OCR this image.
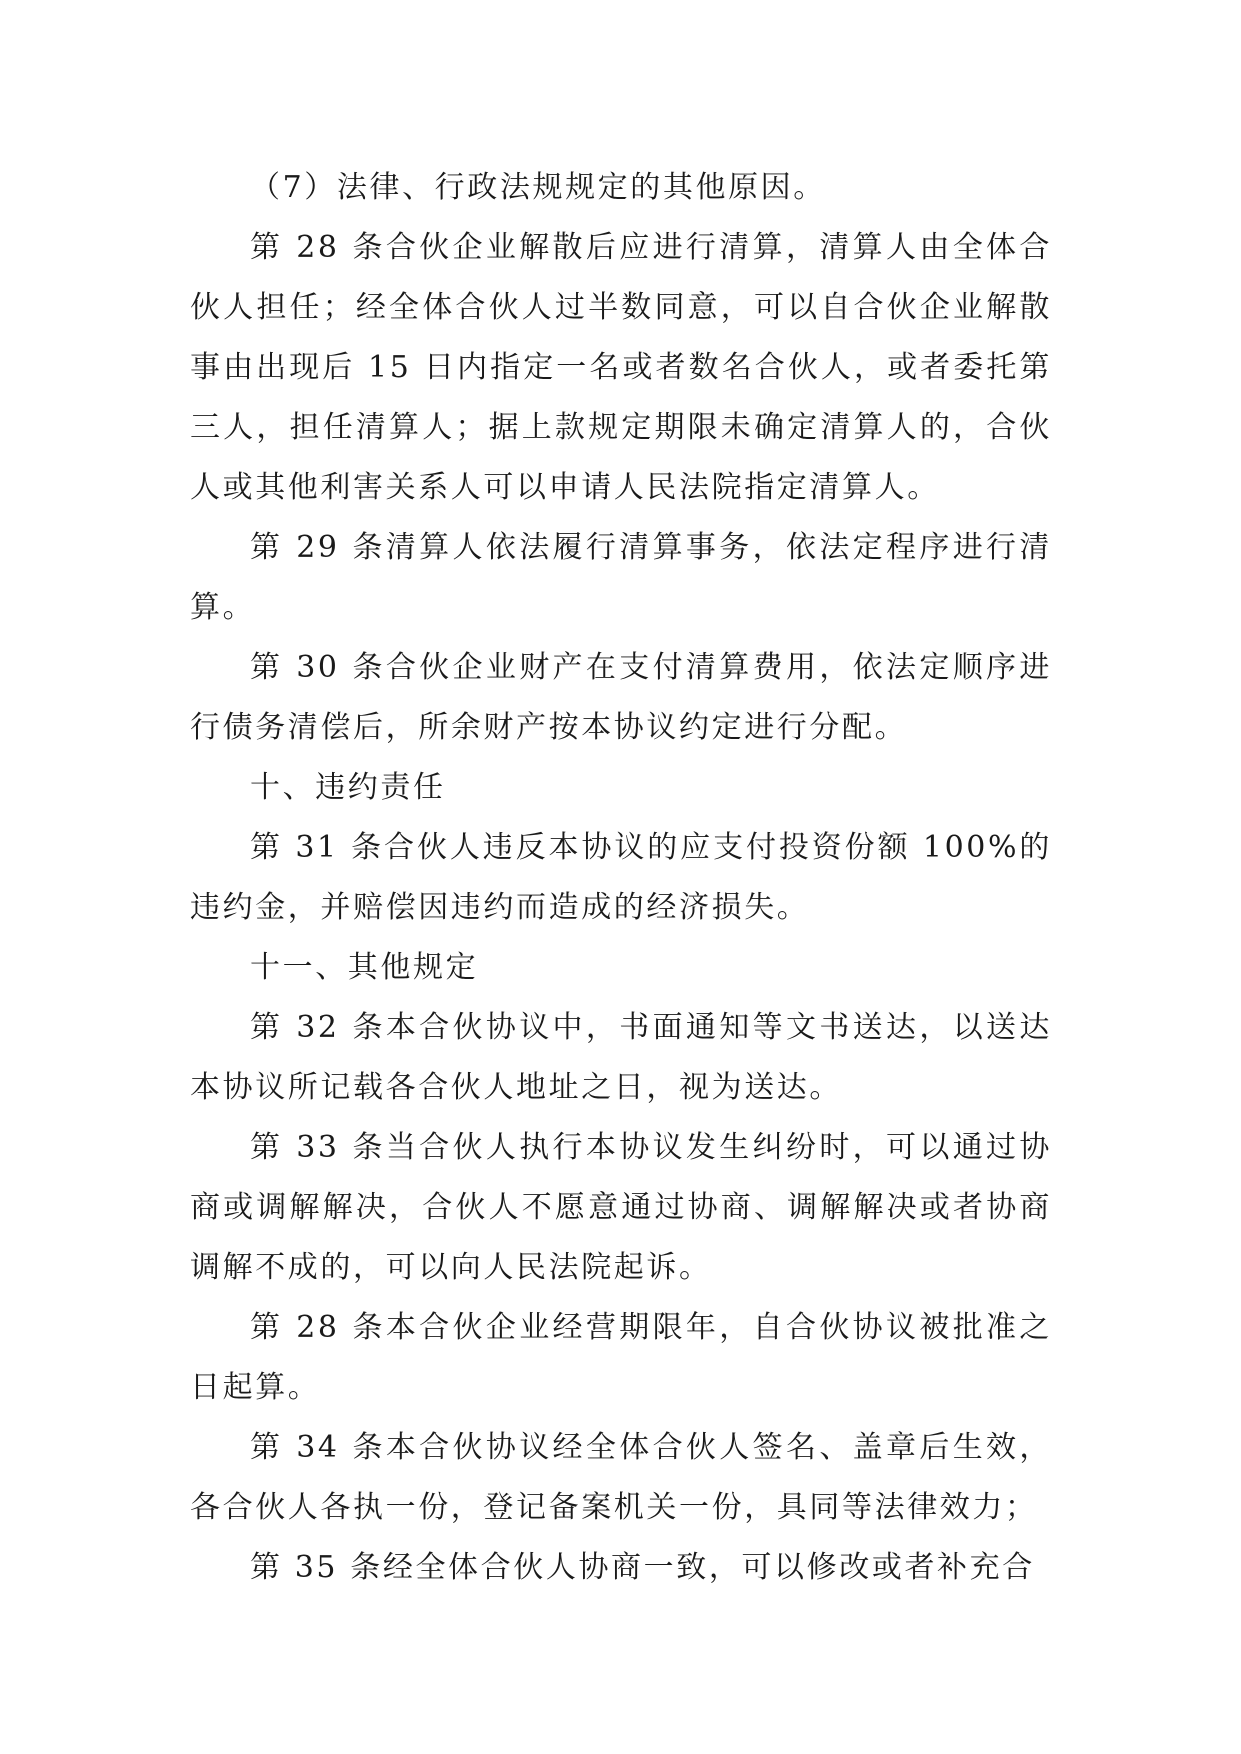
（7）法律、行政法规规定的其他原因。

第 28 条合伙企业解散后应进行清算，清算人由全体合伙人担任；经全体合伙人过半数同意，可以自合伙企业解散事由出现后 15 日内指定一名或者数名合伙人，或者委托第三人，担任清算人；据上款规定期限未确定清算人的，合伙人或其他利害关系人可以申请人民法院指定清算人。

第 29 条清算人依法履行清算事务，依法定程序进行清算。

第 30 条合伙企业财产在支付清算费用，依法定顺序进行债务清偿后，所余财产按本协议约定进行分配。

十、违约责任

第 31 条合伙人违反本协议的应支付投资份额 100%的违约金，并赔偿因违约而造成的经济损失。

十一、其他规定

第 32 条本合伙协议中，书面通知等文书送达，以送达本协议所记载各合伙人地址之日，视为送达。

第 33 条当合伙人执行本协议发生纠纷时，可以通过协商或调解解决，合伙人不愿意通过协商、调解解决或者协商调解不成的，可以向人民法院起诉。

第 28 条本合伙企业经营期限年，自合伙协议被批准之日起算。

第 34 条本合伙协议经全体合伙人签名、盖章后生效，各合伙人各执一份，登记备案机关一份，具同等法律效力；

第 35 条经全体合伙人协商一致，可以修改或者补充合
